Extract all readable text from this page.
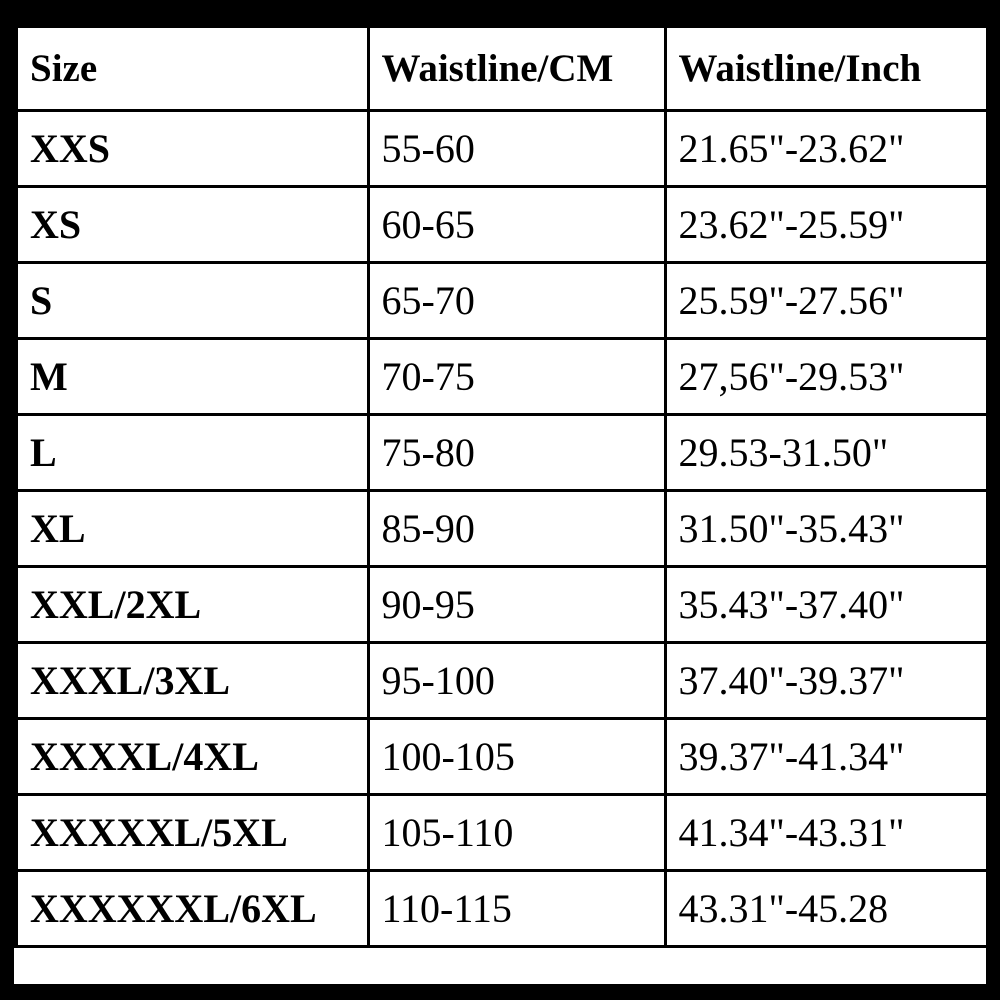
Size	Waistline/CM	Waistline/Inch
XXS	55-60	21.65"-23.62"
XS	60-65	23.62"-25.59"
S	65-70	25.59"-27.56"
M	70-75	27,56"-29.53"
L	75-80	29.53-31.50"
XL	85-90	31.50"-35.43"
XXL/2XL	90-95	35.43"-37.40"
XXXL/3XL	95-100	37.40"-39.37"
XXXXL/4XL	100-105	39.37"-41.34"
XXXXXL/5XL	105-110	41.34"-43.31"
XXXXXXL/6XL	110-115	43.31"-45.28
